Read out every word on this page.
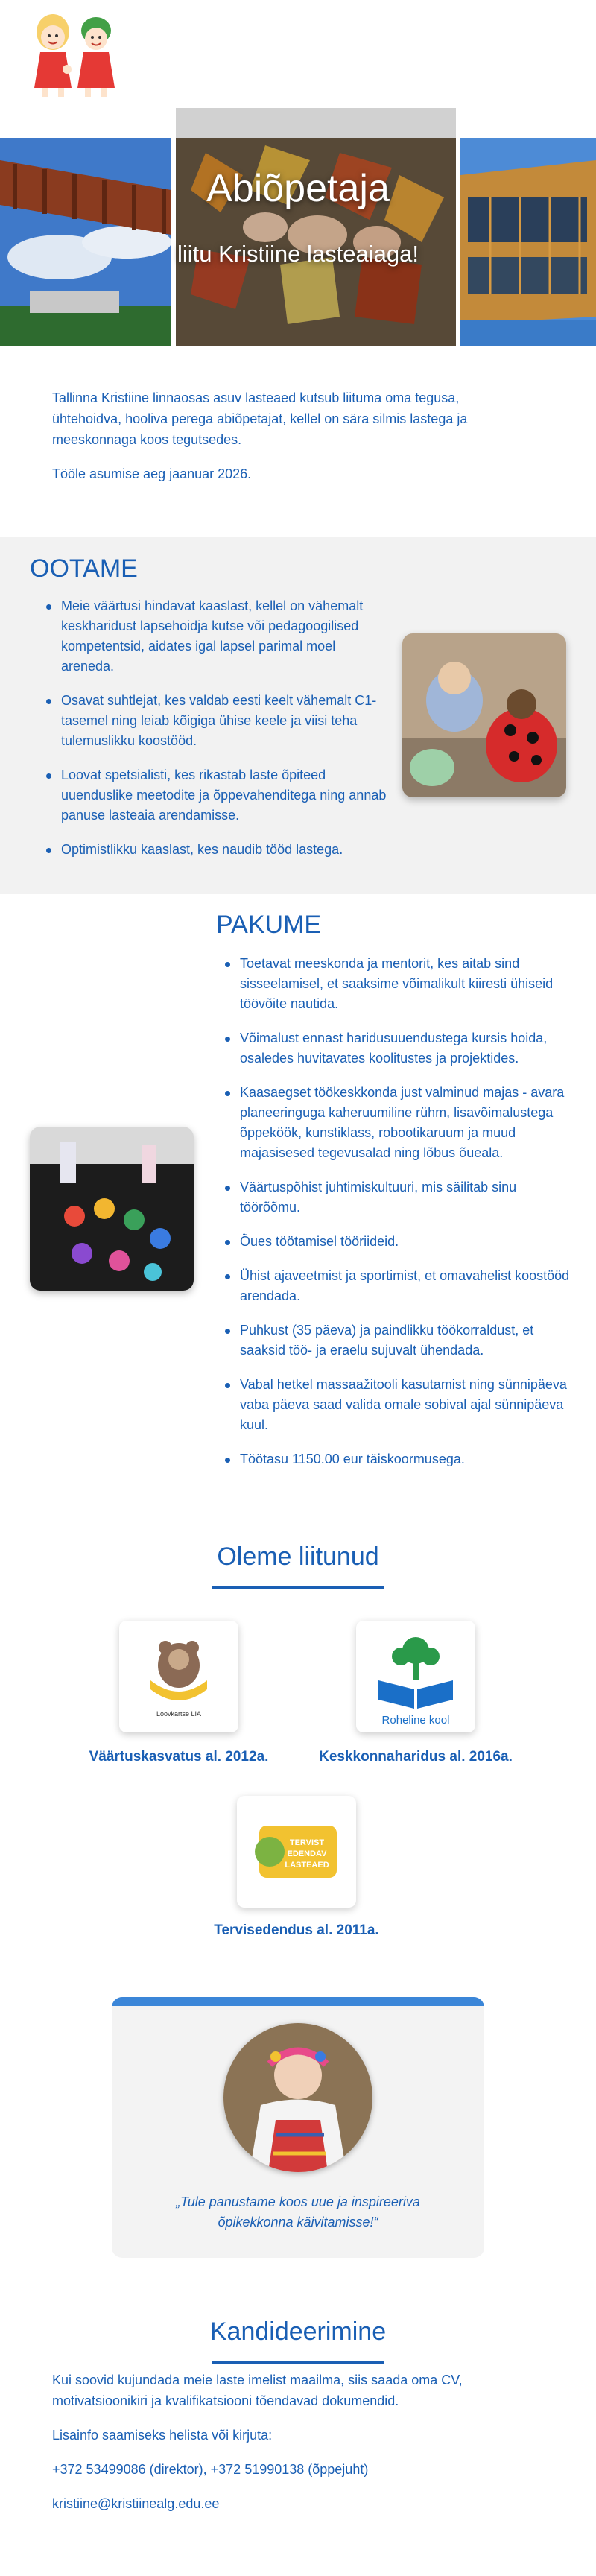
Abiõpetaja
liitu Kristiine lasteaiaga!

Tallinna Kristiine linnaosas asuv lasteaed kutsub liituma oma tegusa, ühtehoidva, hooliva perega abiõpetajat, kellel on sära silmis lastega ja meeskonnaga koos tegutsedes.

Tööle asumise aeg jaanuar 2026.

OOTAME
Meie väärtusi hindavat kaaslast, kellel on vähemalt keskharidust lapsehoidja kutse või pedagoogilised kompetentsid, aidates igal lapsel parimal moel areneda.
Osavat suhtlejat, kes valdab eesti keelt vähemalt C1-tasemel ning leiab kõigiga ühise keele ja viisi teha tulemuslikku koostööd.
Loovat spetsialisti, kes rikastab laste õpiteed uuenduslike meetodite ja õppevahenditega ning annab panuse lasteaia arendamisse.
Optimistlikku kaaslast, kes naudib tööd lastega.
PAKUME
Toetavat meeskonda ja mentorit, kes aitab sind sisseelamisel, et saaksime võimalikult kiiresti ühiseid töövõite nautida.
Võimalust ennast haridusuuendustega kursis hoida, osaledes huvitavates koolitustes ja projektides.
Kaasaegset töökeskkonda just valminud majas - avara planeeringuga kaheruumiline rühm, lisavõimalustega õppeköök, kunstiklass, robootikaruum ja muud majasisesed tegevusalad ning lõbus õueala.
Väärtuspõhist juhtimiskultuuri, mis säilitab sinu töörõõmu.
Õues töötamisel tööriideid.
Ühist ajaveetmist ja sportimist, et omavahelist koostööd arendada.
Puhkust (35 päeva) ja paindlikku töökorraldust, et saaksid töö- ja eraelu sujuvalt ühendada.
Vabal hetkel massaažitooli kasutamist ning sünnipäeva vaba päeva saad valida omale sobival ajal sünnipäeva kuul.
Töötasu 1150.00 eur täiskoormusega.
Oleme liitunud
Loovkartse LIA
Väärtuskasvatus al. 2012a.
Roheline kool
Keskkonnaharidus al. 2016a.
TERVIST
EDENDAV
LASTEAED
Tervisedendus al. 2011a.
„Tule panustame koos uue ja inspireeriva õpikekkonna käivitamisse!“
Kandideerimine

Kui soovid kujundada meie laste imelist maailma, siis saada oma CV, motivatsioonikiri ja kvalifikatsiooni tõendavad dokumendid.

Lisainfo saamiseks helista või kirjuta:

+372 53499086 (direktor), +372 51990138 (õppejuht)

kristiine@kristiinealg.edu.ee
